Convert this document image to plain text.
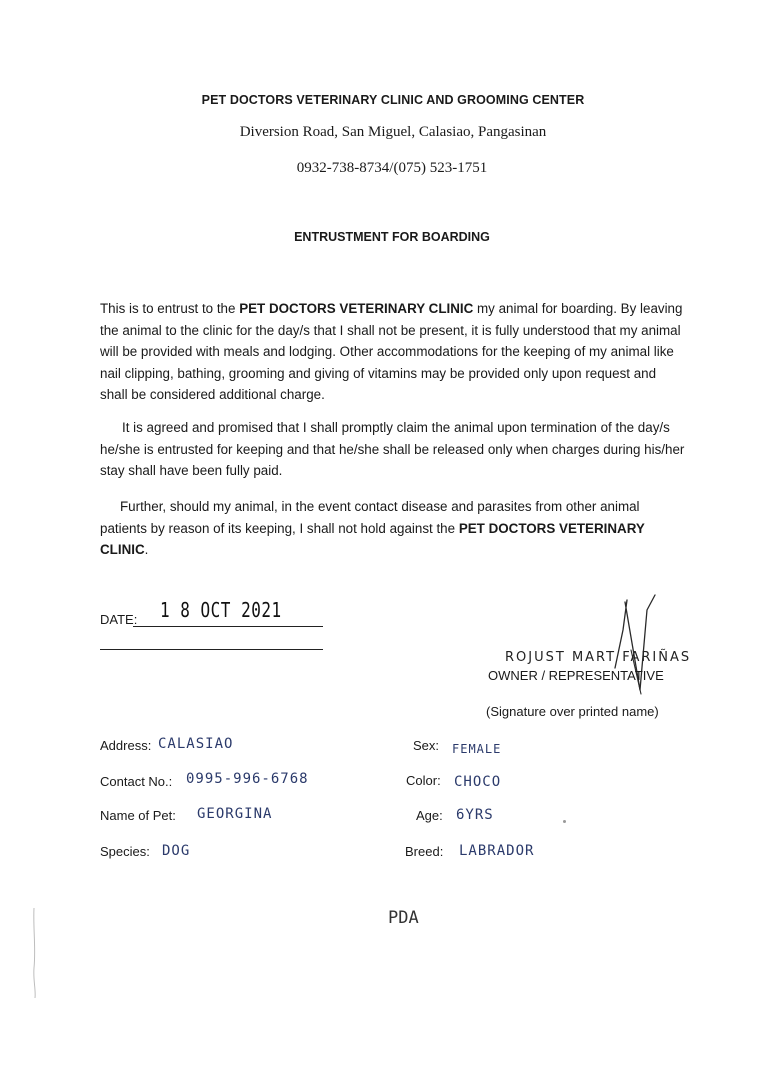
PET DOCTORS VETERINARY CLINIC AND GROOMING CENTER
Diversion Road, San Miguel, Calasiao, Pangasinan
0932-738-8734/(075) 523-1751
ENTRUSTMENT FOR BOARDING
This is to entrust to the PET DOCTORS VETERINARY CLINIC my animal for boarding. By leaving the animal to the clinic for the day/s that I shall not be present, it is fully understood that my animal will be provided with meals and lodging. Other accommodations for the keeping of my animal like nail clipping, bathing, grooming and giving of vitamins may be provided only upon request and shall be considered additional charge.
It is agreed and promised that I shall promptly claim the animal upon termination of the day/s he/she is entrusted for keeping and that he/she shall be released only when charges during his/her stay shall have been fully paid.
Further, should my animal, in the event contact disease and parasites from other animal patients by reason of its keeping, I shall not hold against the PET DOCTORS VETERINARY CLINIC.
DATE: 1 8 OCT 2021
ROJUST MART FARIÑAS
OWNER / REPRESENTATIVE
(Signature over printed name)
Address: CALASIAO
Contact No.: 0995-996-6768
Name of Pet: GEORGINA
Species: DOG
Sex: FEMALE
Color: CHOCO
Age: 6YRS
Breed: LABRADOR
PDA
